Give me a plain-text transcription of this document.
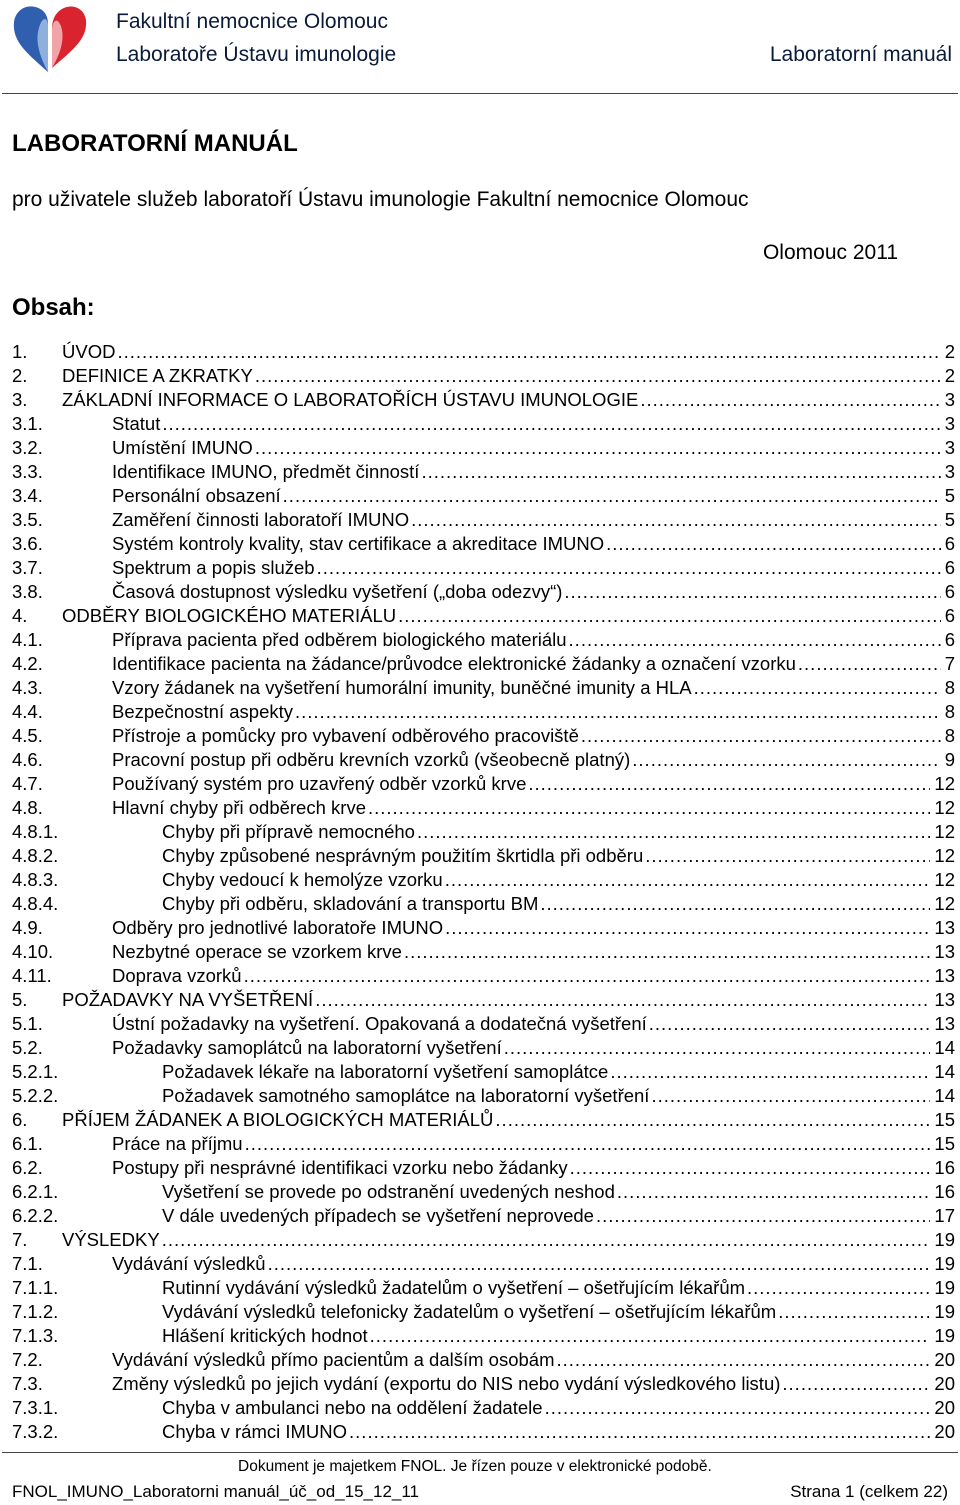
Fakultní nemocnice Olomouc
Laboratoře Ústavu imunologie	Laboratorní manuál
LABORATORNÍ MANUÁL
pro uživatele služeb laboratoří Ústavu imunologie Fakultní nemocnice Olomouc
Olomouc 2011
Obsah:
1. ÚVOD .....	2
2. DEFINICE A ZKRATKY .....	2
3. ZÁKLADNÍ INFORMACE O LABORATOŘÍCH ÚSTAVU IMUNOLOGIE .....	3
3.1.	Statut .....	3
3.2.	Umístění IMUNO .....	3
3.3.	Identifikace IMUNO, předmět činností .....	3
3.4.	Personální obsazení .....	5
3.5.	Zaměření činnosti laboratoří IMUNO .....	5
3.6.	Systém kontroly kvality, stav certifikace a akreditace IMUNO .....	6
3.7.	Spektrum a popis služeb .....	6
3.8.	Časová dostupnost výsledku vyšetření („doba odezvy“) .....	6
4. ODBĚRY BIOLOGICKÉHO MATERIÁLU .....	6
4.1.	Příprava pacienta před odběrem biologického materiálu .....	6
4.2.	Identifikace pacienta na žádance/průvodce elektronické žádanky a označení vzorku .....	7
4.3.	Vzory žádanek na vyšetření humorální imunity, buněčné imunity a HLA .....	8
4.4.	Bezpečnostní aspekty .....	8
4.5.	Přístroje a pomůcky pro vybavení odběrového pracoviště .....	8
4.6.	Pracovní postup při odběru krevních vzorků (všeobecně platný) .....	9
4.7.	Používaný systém pro uzavřený odběr vzorků krve .....	12
4.8.	Hlavní chyby při odběrech krve .....	12
4.8.1.	Chyby při přípravě nemocného .....	12
4.8.2.	Chyby způsobené nesprávným použitím škrtidla při odběru .....	12
4.8.3.	Chyby vedoucí k hemolýze vzorku .....	12
4.8.4.	Chyby při odběru, skladování a transportu BM .....	12
4.9.	Odběry pro jednotlivé laboratoře IMUNO .....	13
4.10.	Nezbytné operace se vzorkem krve .....	13
4.11.	Doprava vzorků .....	13
5. POŽADAVKY NA VYŠETŘENÍ .....	13
5.1.	Ústní požadavky na vyšetření. Opakovaná a dodatečná vyšetření .....	13
5.2.	Požadavky samoplátců na laboratorní vyšetření .....	14
5.2.1.	Požadavek lékaře na laboratorní vyšetření samoplátce .....	14
5.2.2.	Požadavek samotného samoplátce na laboratorní vyšetření .....	14
6. PŘÍJEM ŽÁDANEK A BIOLOGICKÝCH MATERIÁLŮ .....	15
6.1.	Práce na příjmu .....	15
6.2.	Postupy při nesprávné identifikaci vzorku nebo žádanky .....	16
6.2.1.	Vyšetření se provede po odstranění uvedených neshod .....	16
6.2.2.	V dále uvedených případech se vyšetření neprovede .....	17
7. VÝSLEDKY .....	19
7.1.	Vydávání výsledků .....	19
7.1.1.	Rutinní vydávání výsledků žadatelům o vyšetření – ošetřujícím lékařům .....	19
7.1.2.	Vydávání výsledků telefonicky žadatelům o vyšetření – ošetřujícím lékařům .....	19
7.1.3.	Hlášení kritických hodnot .....	19
7.2.	Vydávání výsledků přímo pacientům a dalším osobám .....	20
7.3.	Změny výsledků po jejich vydání (exportu do NIS nebo vydání výsledkového listu) .....	20
7.3.1.	Chyba v ambulanci nebo na oddělení žadatele .....	20
7.3.2.	Chyba v rámci IMUNO .....	20
Dokument je majetkem FNOL. Je řízen pouze v elektronické podobě.
FNOL_IMUNO_Laboratorni manuál_úč_od_15_12_11	Strana 1 (celkem 22)
